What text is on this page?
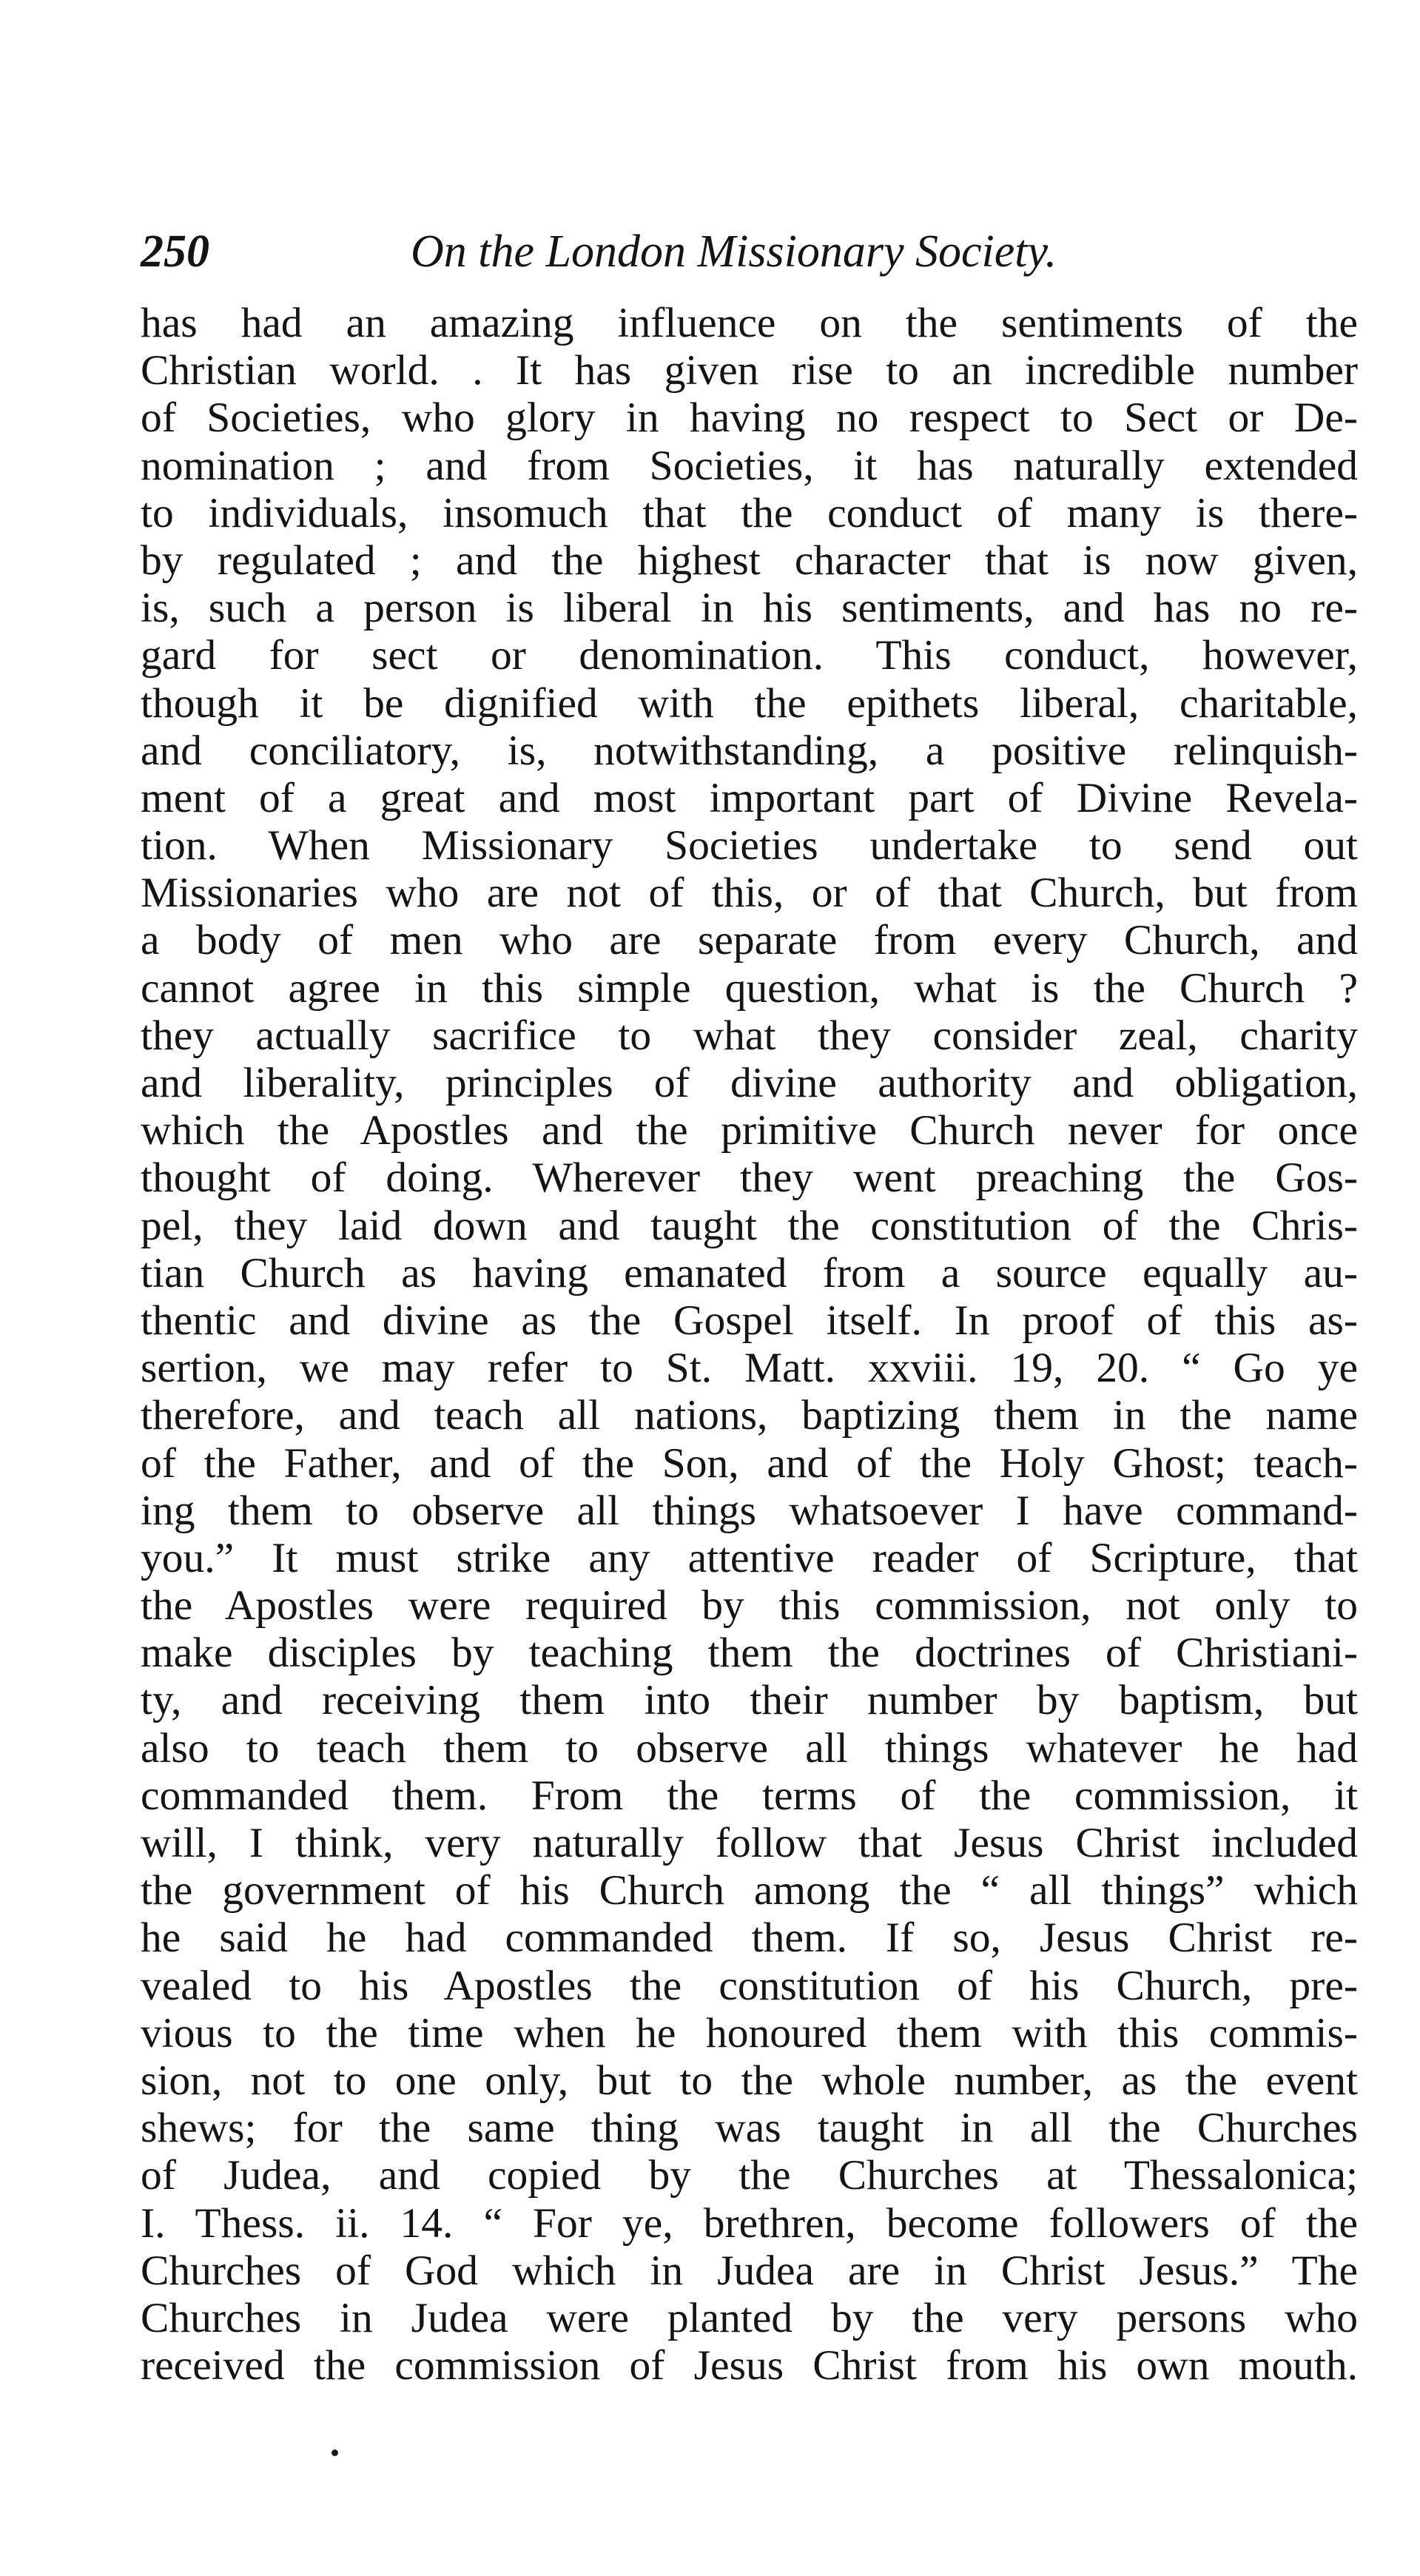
250	On the London Missionary Society.
has had an amazing influence on the sentiments of the
Christian world. . It has given rise to an incredible number
of Societies, who glory in having no respect to Sect or De-
nomination ; and from Societies, it has naturally extended
to individuals, insomuch that the conduct of many is there-
by regulated ; and the highest character that is now given,
is, such a person is liberal in his sentiments, and has no re-
gard for sect or denomination. This conduct, however,
though it be dignified with the epithets liberal, charitable,
and conciliatory, is, notwithstanding, a positive relinquish-
ment of a great and most important part of Divine Revela-
tion. When Missionary Societies undertake to send out
Missionaries who are not of this, or of that Church, but from
a body of men who are separate from every Church, and
cannot agree in this simple question, what is the Church ?
they actually sacrifice to what they consider zeal, charity
and liberality, principles of divine authority and obligation,
which the Apostles and the primitive Church never for once
thought of doing. Wherever they went preaching the Gos-
pel, they laid down and taught the constitution of the Chris-
tian Church as having emanated from a source equally au-
thentic and divine as the Gospel itself. In proof of this as-
sertion, we may refer to St. Matt. xxviii. 19, 20. “ Go ye
therefore, and teach all nations, baptizing them in the name
of the Father, and of the Son, and of the Holy Ghost; teach-
ing them to observe all things whatsoever I have command-
you.” It must strike any attentive reader of Scripture, that
the Apostles were required by this commission, not only to
make disciples by teaching them the doctrines of Christiani-
ty, and receiving them into their number by baptism, but
also to teach them to observe all things whatever he had
commanded them. From the terms of the commission, it
will, I think, very naturally follow that Jesus Christ included
the government of his Church among the “ all things” which
he said he had commanded them. If so, Jesus Christ re-
vealed to his Apostles the constitution of his Church, pre-
vious to the time when he honoured them with this commis-
sion, not to one only, but to the whole number, as the event
shews; for the same thing was taught in all the Churches
of Judea, and copied by the Churches at Thessalonica;
I. Thess. ii. 14. “ For ye, brethren, become followers of the
Churches of God which in Judea are in Christ Jesus.” The
Churches in Judea were planted by the very persons who
received the commission of Jesus Christ from his own mouth.
